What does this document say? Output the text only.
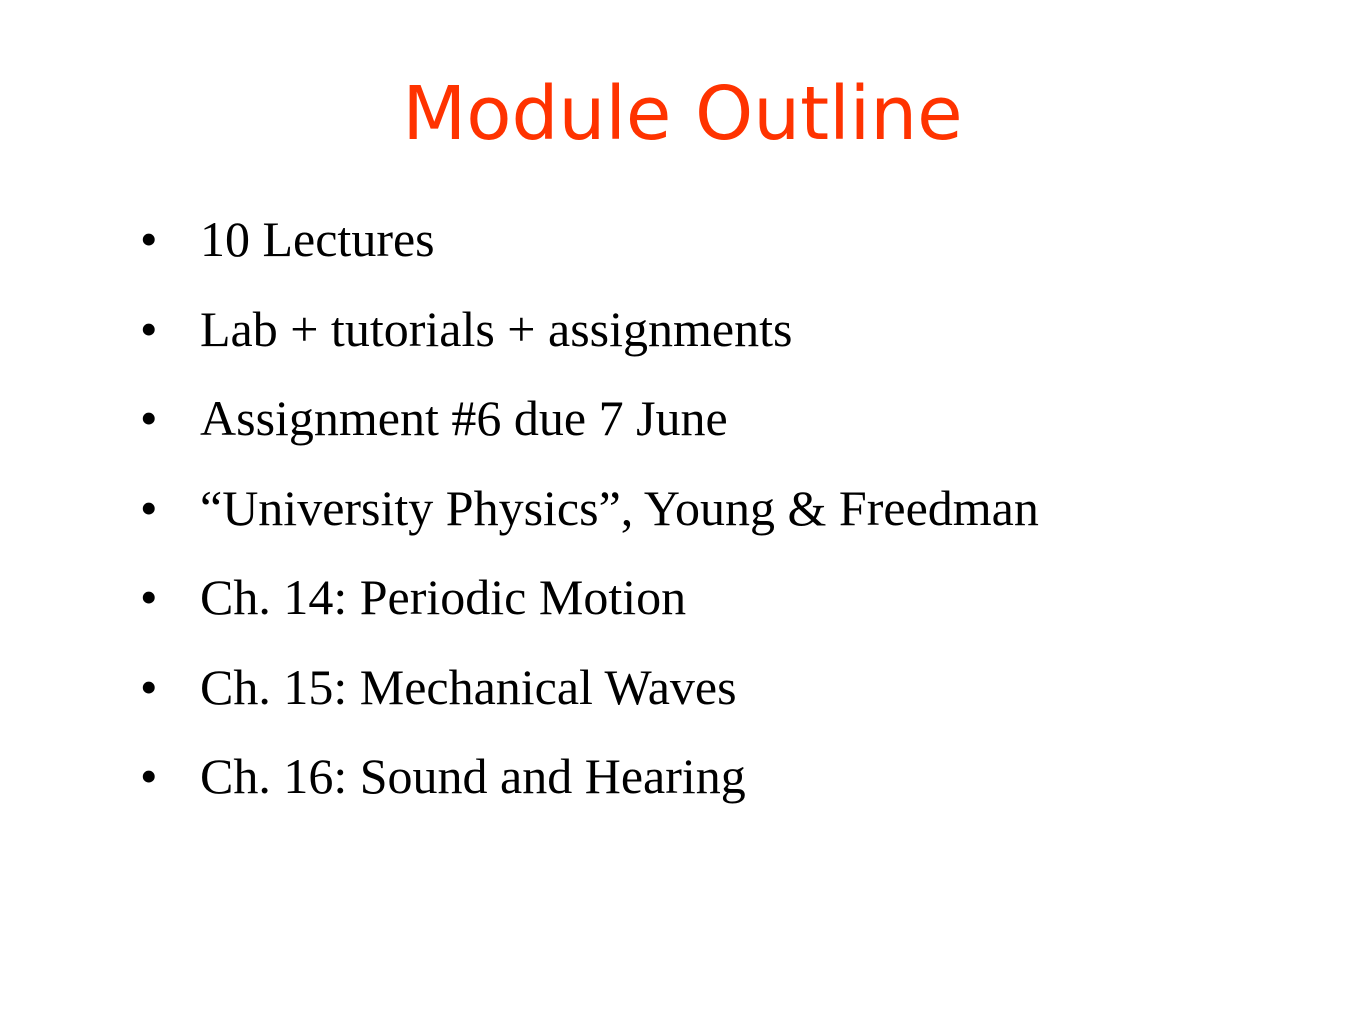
Module Outline
• 10 Lectures
• Lab + tutorials + assignments
• Assignment #6 due 7 June
• “University Physics”, Young & Freedman
• Ch. 14: Periodic Motion
• Ch. 15: Mechanical Waves
• Ch. 16: Sound and Hearing
